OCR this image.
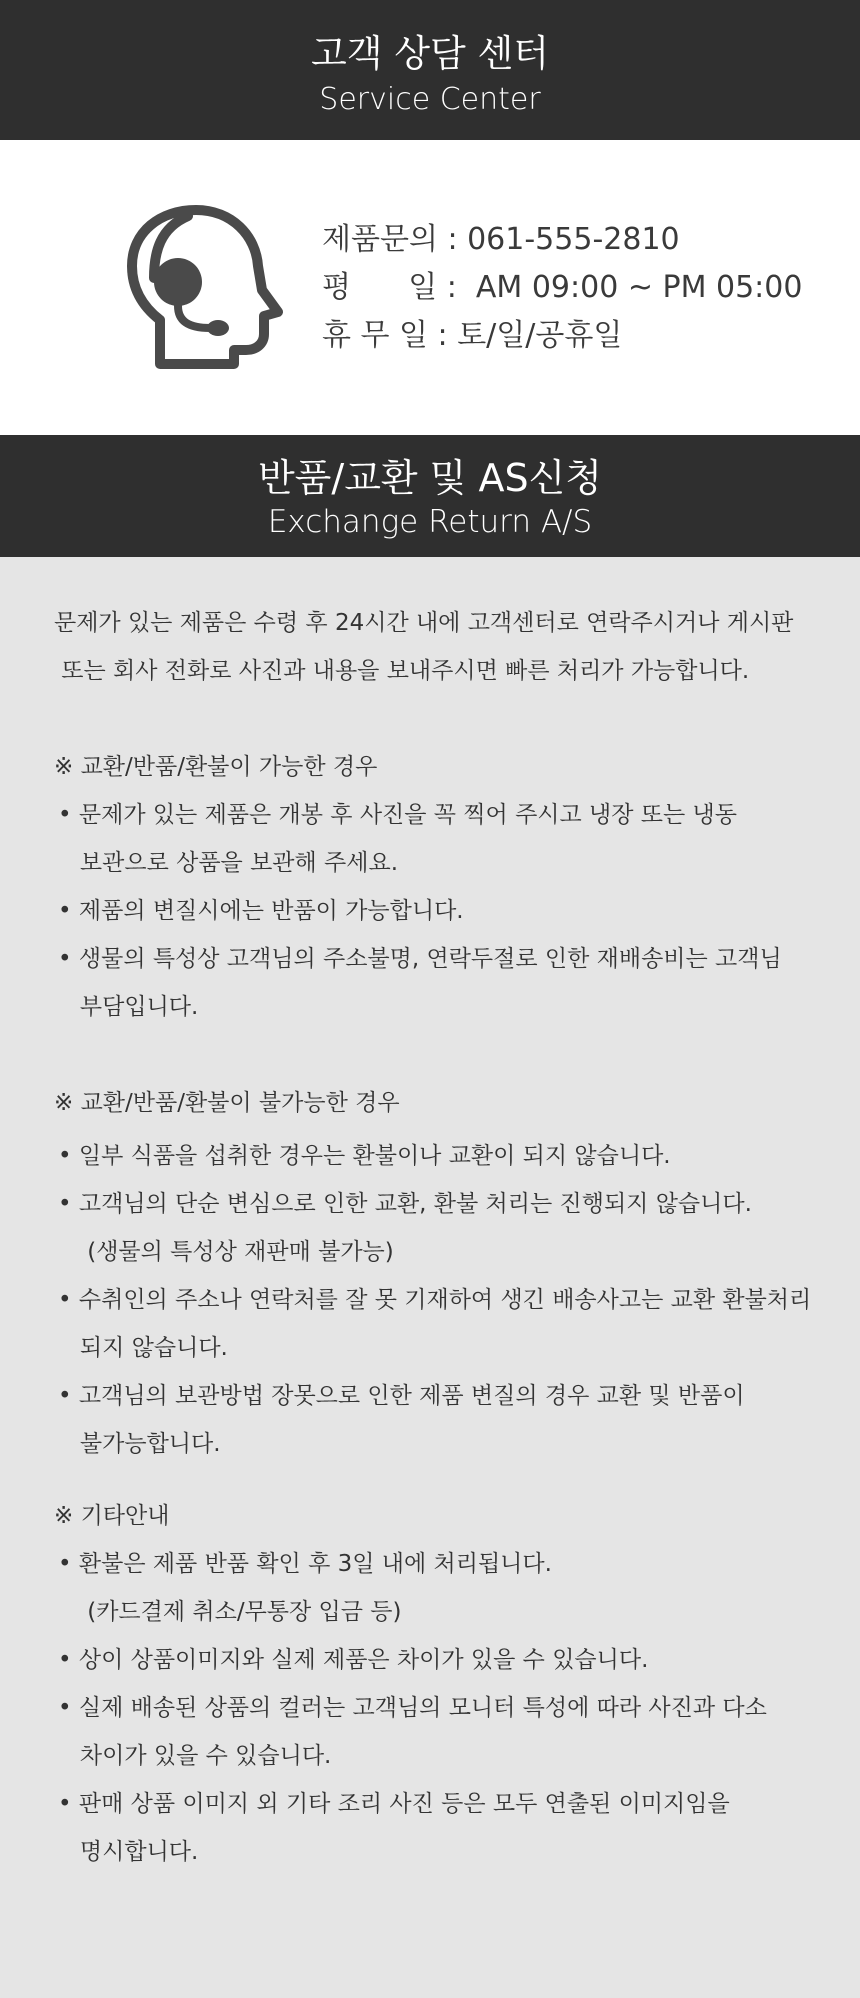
고객 상담 센터
Service Center
제품문의 : 061-555-2810
평      일 :  AM 09:00 ~ PM 05:00
휴 무 일 : 토/일/공휴일
반품/교환 및 AS신청
Exchange Return A/S
문제가 있는 제품은 수령 후 24시간 내에 고객센터로 연락주시거나 게시판
또는 회사 전화로 사진과 내용을 보내주시면 빠른 처리가 가능합니다.
※ 교환/반품/환불이 가능한 경우
• 문제가 있는 제품은 개봉 후 사진을 꼭 찍어 주시고 냉장 또는 냉동
보관으로 상품을 보관해 주세요.
• 제품의 변질시에는 반품이 가능합니다.
• 생물의 특성상 고객님의 주소불명, 연락두절로 인한 재배송비는 고객님
부담입니다.
※ 교환/반품/환불이 불가능한 경우
• 일부 식품을 섭취한 경우는 환불이나 교환이 되지 않습니다.
• 고객님의 단순 변심으로 인한 교환, 환불 처리는 진행되지 않습니다.
(생물의 특성상 재판매 불가능)
• 수취인의 주소나 연락처를 잘 못 기재하여 생긴 배송사고는 교환 환불처리
되지 않습니다.
• 고객님의 보관방법 장못으로 인한 제품 변질의 경우 교환 및 반품이
불가능합니다.
※ 기타안내
• 환불은 제품 반품 확인 후 3일 내에 처리됩니다.
(카드결제 취소/무통장 입금 등)
• 상이 상품이미지와 실제 제품은 차이가 있을 수 있습니다.
• 실제 배송된 상품의 컬러는 고객님의 모니터 특성에 따라 사진과 다소
차이가 있을 수 있습니다.
• 판매 상품 이미지 외 기타 조리 사진 등은 모두 연출된 이미지임을
명시합니다.
